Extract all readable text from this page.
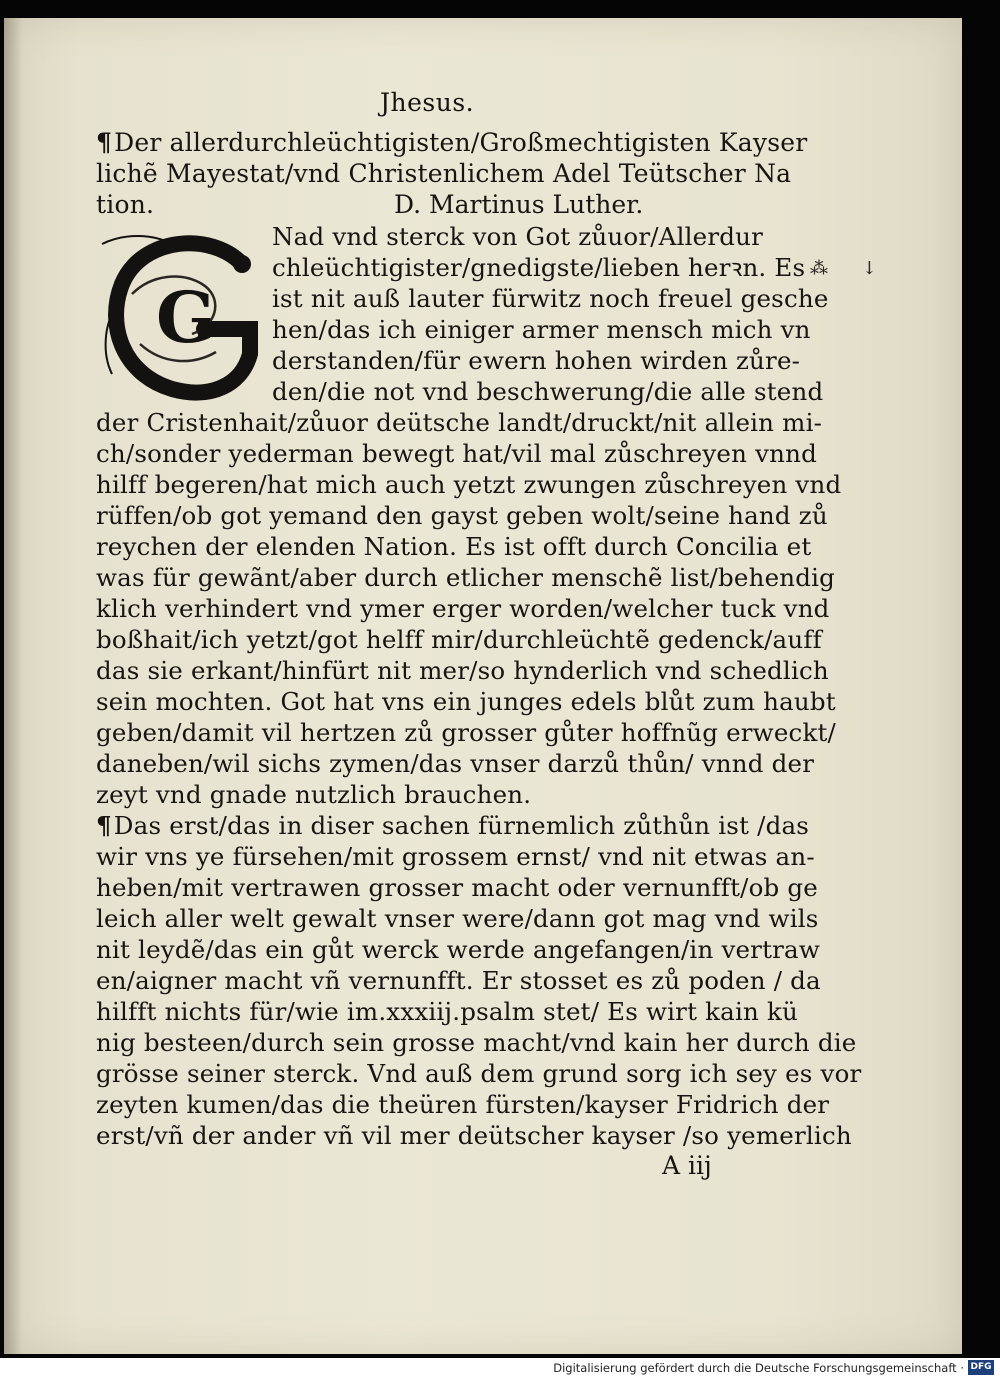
Jhesus.
¶Der allerdurchleüchtigisten/Großmechtigisten Kayser
lichẽ Mayestat/vnd Christenlichem Adel Teütscher Na
tion.	D. Martinus Luther.
G
⁂ ↓
Nad vnd sterck von Got zůuor/Allerdur
chleüchtigister/gnedigste/lieben herꝛn. Es
ist nit auß lauter fürwitz noch freuel gesche
hen/das ich einiger armer mensch mich vn
derstanden/für ewern hohen wirden zůre-
den/die not vnd beschwerung/die alle stend
der Cristenhait/zůuor deütsche landt/druckt/nit allein mi-
ch/sonder yederman bewegt hat/vil mal zůschreyen vnnd
hilff begeren/hat mich auch yetzt zwungen zůschreyen vnd
rüffen/ob got yemand den gayst geben wolt/seine hand zů
reychen der elenden Nation. Es ist offt durch Concilia et
was für gewãnt/aber durch etlicher menschẽ list/behendig
klich verhindert vnd ymer erger worden/welcher tuck vnd
boßhait/ich yetzt/got helff mir/durchleüchtẽ gedenck/auff
das sie erkant/hinfürt nit mer/so hynderlich vnd schedlich
sein mochten. Got hat vns ein junges edels blůt zum haubt
geben/damit vil hertzen zů grosser gůter hoffnũg erweckt/
daneben/wil sichs zymen/das vnser darzů thůn/ vnnd der
zeyt vnd gnade nutzlich brauchen.
¶Das erst/das in diser sachen fürnemlich zůthůn ist /das
wir vns ye fürsehen/mit grossem ernst/ vnd nit etwas an-
heben/mit vertrawen grosser macht oder vernunfft/ob ge
leich aller welt gewalt vnser were/dann got mag vnd wils
nit leydẽ/das ein gůt werck werde angefangen/in vertraw
en/aigner macht vñ vernunfft. Er stosset es zů poden / da
hilfft nichts für/wie im.xxxiij.psalm stet/ Es wirt kain kü
nig besteen/durch sein grosse macht/vnd kain her durch die
grösse seiner sterck. Vnd auß dem grund sorg ich sey es vor
zeyten kumen/das die theüren fürsten/kayser Fridrich der
erst/vñ der ander vñ vil mer deütscher kayser /so yemerlich
A iij
Digitalisierung gefördert durch die Deutsche Forschungsgemeinschaft · DFG
